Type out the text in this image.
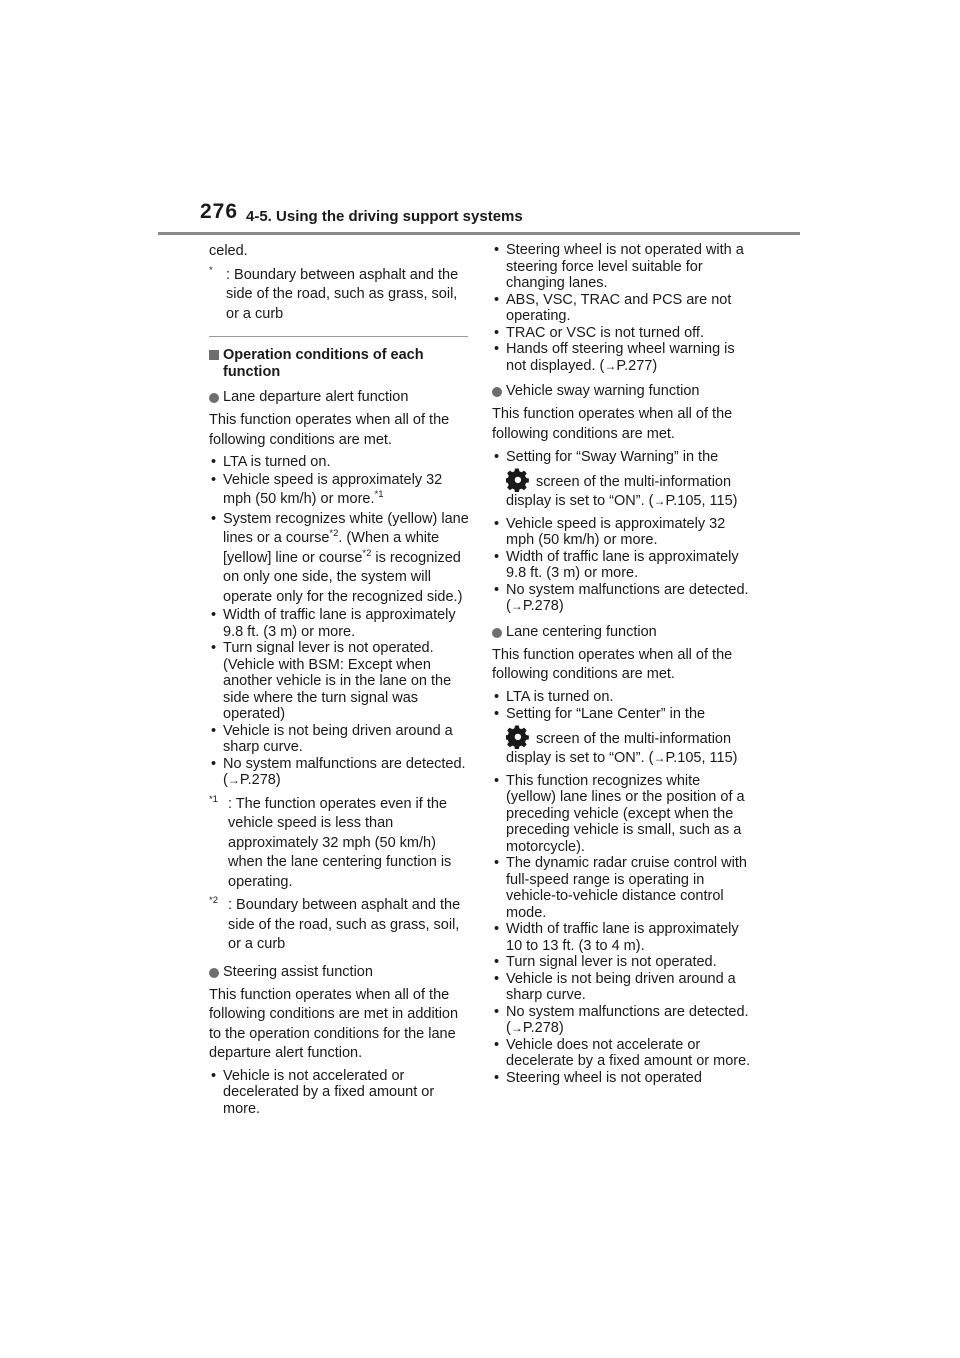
276 4-5. Using the driving support systems

celed.

* : Boundary between asphalt and the side of the road, such as grass, soil, or a curb
Operation conditions of each function
Lane departure alert function

This function operates when all of the following conditions are met.

• LTA is turned on.
• Vehicle speed is approximately 32 mph (50 km/h) or more.$^{*1}$
• System recognizes white (yellow) lane lines or a course$^{*2}$. (When a white [yellow] line or course$^{*2}$ is recognized on only one side, the system will operate only for the recognized side.)
• Width of traffic lane is approximately 9.8 ft. (3 m) or more.
• Turn signal lever is not operated. (Vehicle with BSM: Except when another vehicle is in the lane on the side where the turn signal was operated)
• Vehicle is not being driven around a sharp curve.
• No system malfunctions are detected. (→P.278)
$^{*1}$ : The function operates even if the vehicle speed is less than approximately 32 mph (50 km/h) when the lane centering function is operating.
$^{*2}$ : Boundary between asphalt and the side of the road, such as grass, soil, or a curb
Steering assist function

This function operates when all of the following conditions are met in addition to the operation conditions for the lane departure alert function.

• Vehicle is not accelerated or decelerated by a fixed amount or more.
• Steering wheel is not operated with a steering force level suitable for changing lanes.
• ABS, VSC, TRAC and PCS are not operating.
• TRAC or VSC is not turned off.
• Hands off steering wheel warning is not displayed. (→P.277)
Vehicle sway warning function

This function operates when all of the following conditions are met.

• Setting for “Sway Warning” in the
screen of the multi-information display is set to “ON”. (→P.105, 115)
• Vehicle speed is approximately 32 mph (50 km/h) or more.
• Width of traffic lane is approximately 9.8 ft. (3 m) or more.
• No system malfunctions are detected. (→P.278)
Lane centering function

This function operates when all of the following conditions are met.

• LTA is turned on.
• Setting for “Lane Center” in the
screen of the multi-information display is set to “ON”. (→P.105, 115)
• This function recognizes white (yellow) lane lines or the position of a preceding vehicle (except when the preceding vehicle is small, such as a motorcycle).
• The dynamic radar cruise control with full-speed range is operating in vehicle-to-vehicle distance control mode.
• Width of traffic lane is approximately 10 to 13 ft. (3 to 4 m).
• Turn signal lever is not operated.
• Vehicle is not being driven around a sharp curve.
• No system malfunctions are detected. (→P.278)
• Vehicle does not accelerate or decelerate by a fixed amount or more.
• Steering wheel is not operated
